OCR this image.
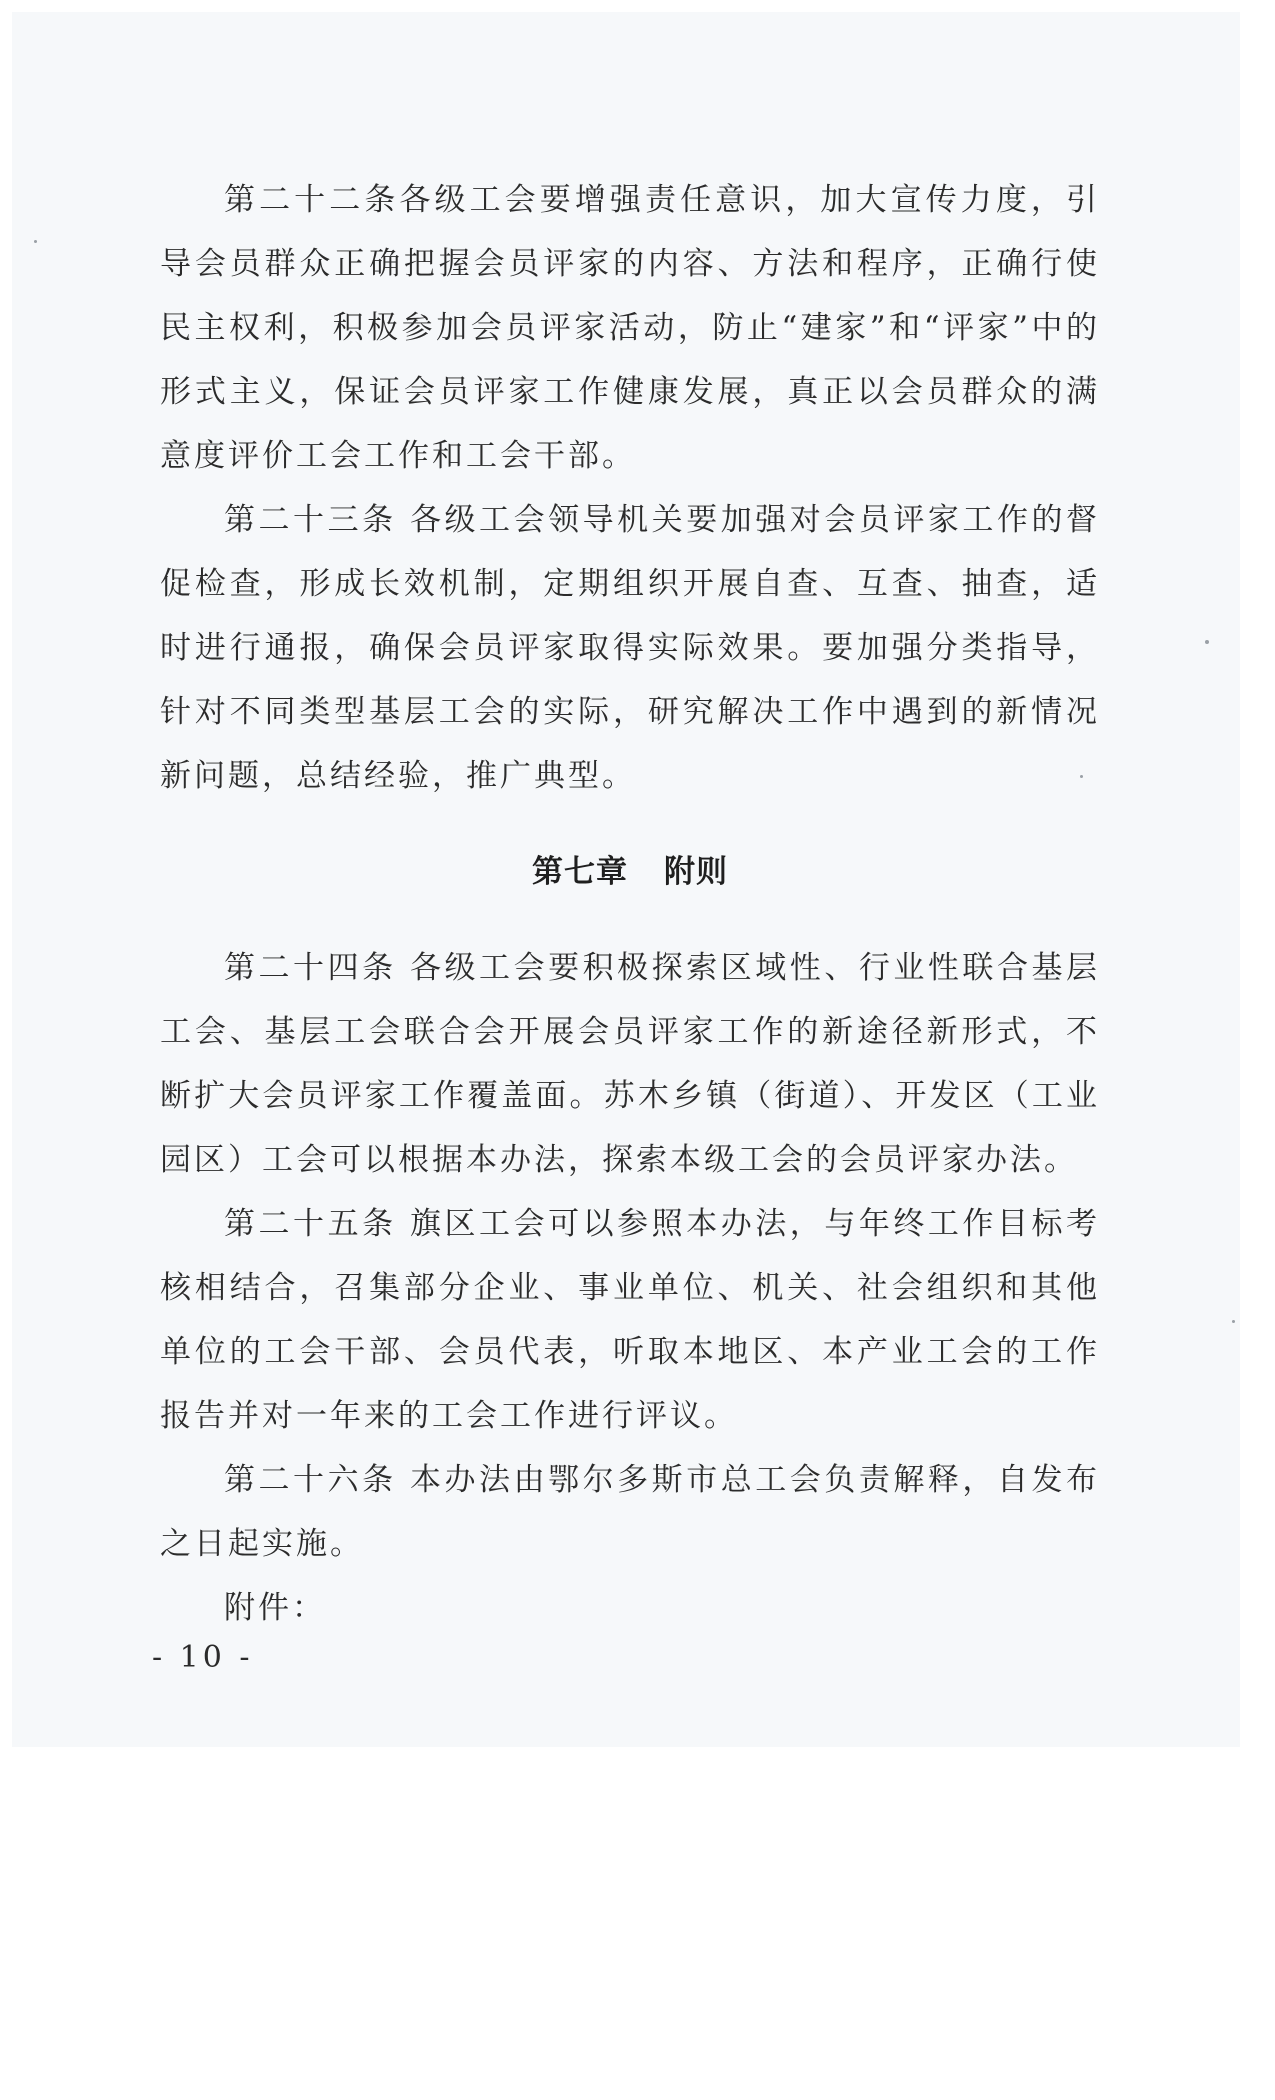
第二十二条各级工会要增强责任意识，加大宣传力度，引导会员群众正确把握会员评家的内容、方法和程序，正确行使民主权利，积极参加会员评家活动，防止“建家”和“评家”中的形式主义，保证会员评家工作健康发展，真正以会员群众的满意度评价工会工作和工会干部。

第二十三条 各级工会领导机关要加强对会员评家工作的督促检查，形成长效机制，定期组织开展自查、互查、抽查，适时进行通报，确保会员评家取得实际效果。要加强分类指导，针对不同类型基层工会的实际，研究解决工作中遇到的新情况新问题，总结经验，推广典型。

第七章 附则

第二十四条 各级工会要积极探索区域性、行业性联合基层工会、基层工会联合会开展会员评家工作的新途径新形式，不断扩大会员评家工作覆盖面。苏木乡镇（街道）、开发区（工业园区）工会可以根据本办法，探索本级工会的会员评家办法。

第二十五条 旗区工会可以参照本办法，与年终工作目标考核相结合，召集部分企业、事业单位、机关、社会组织和其他单位的工会干部、会员代表，听取本地区、本产业工会的工作报告并对一年来的工会工作进行评议。

第二十六条 本办法由鄂尔多斯市总工会负责解释，自发布之日起实施。

附件：

- 10 -
